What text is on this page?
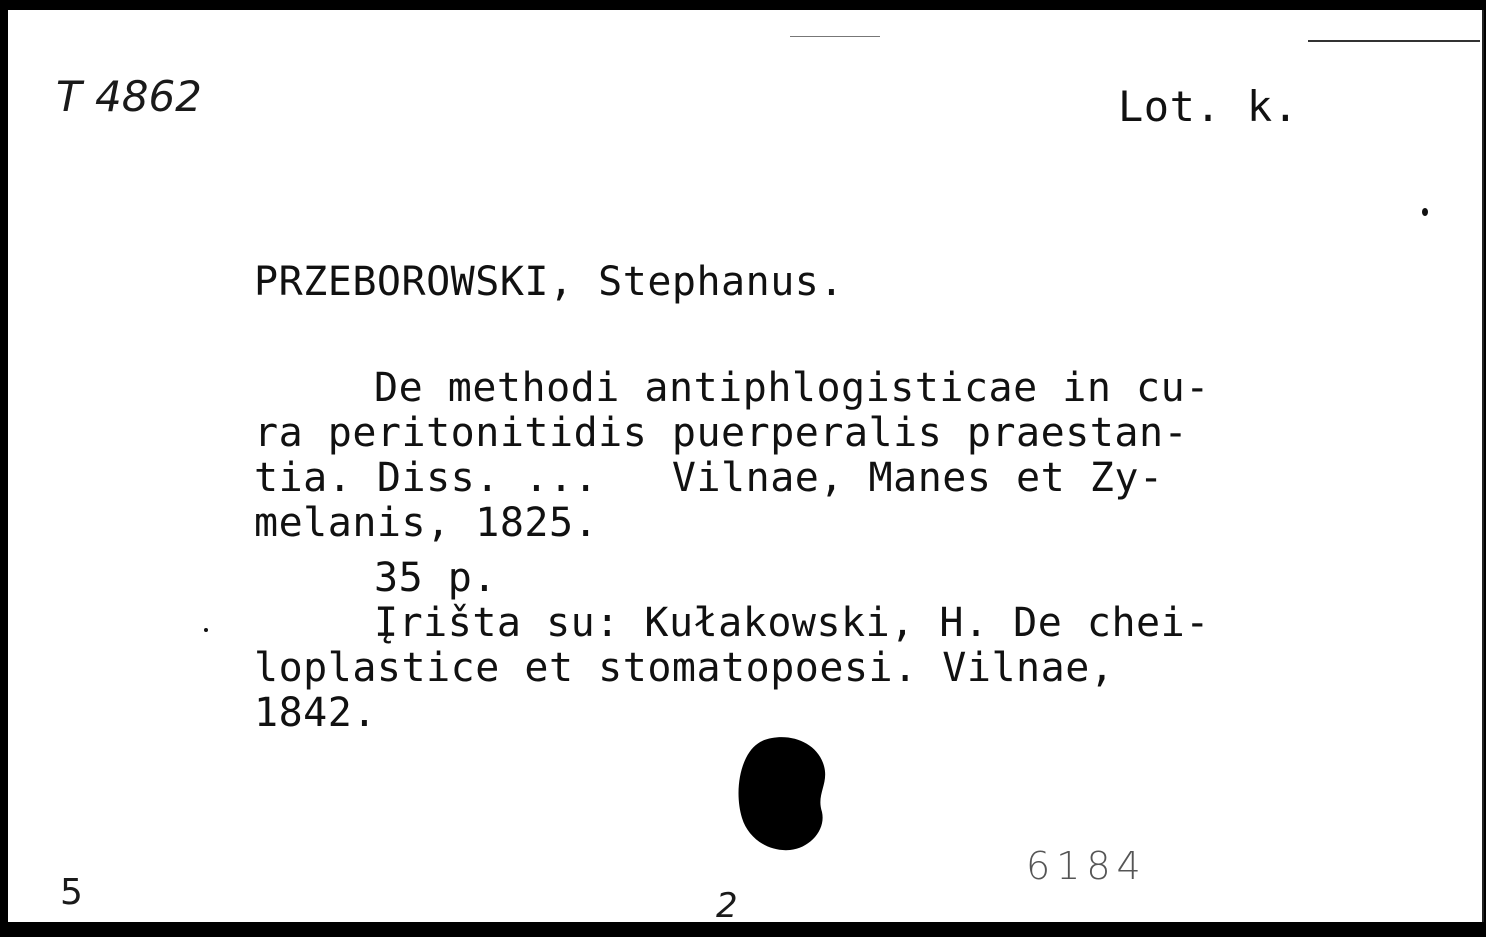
T 4862	Lot. k.
PRZEBOROWSKI, Stephanus.
De methodi antiphlogisticae in cu-
ra peritonitidis puerperalis praestan-
tia. Diss. ...   Vilnae, Manes et Zy-
melanis, 1825.
35 p.
Įrišta su: Kułakowski, H. De chei-
loplastice et stomatopoesi. Vilnae,
1842.
5	2
6184
